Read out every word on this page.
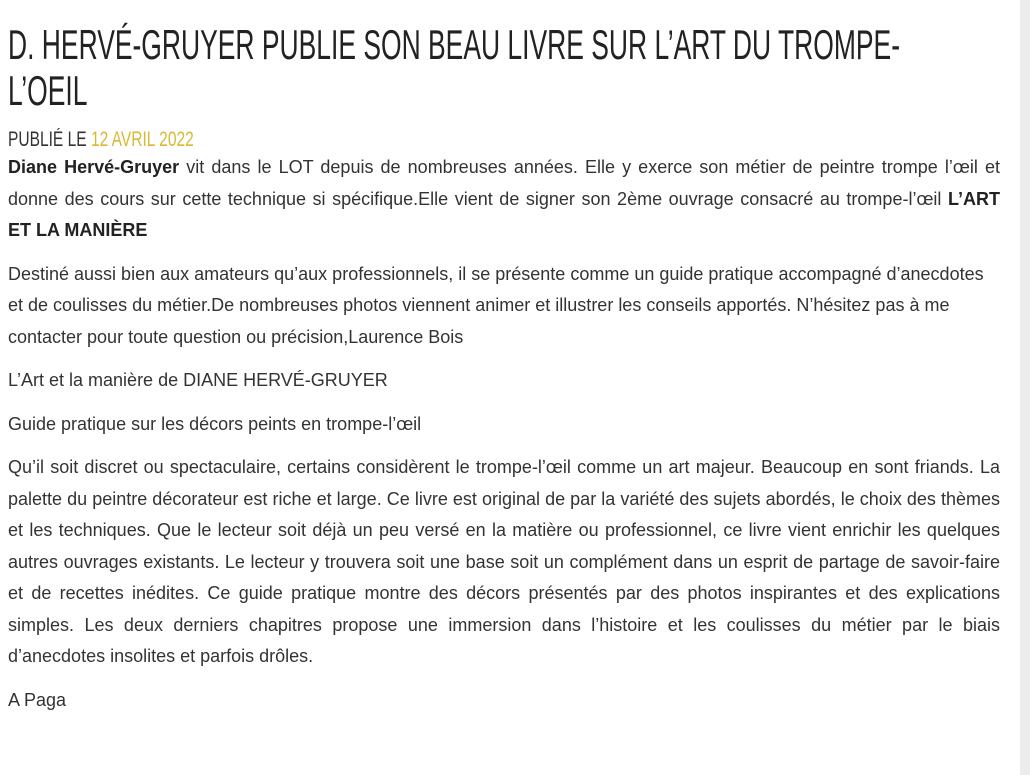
D. HERVÉ-GRUYER PUBLIE SON BEAU LIVRE SUR L’ART DU TROMPE-L’OEIL
PUBLIÉ LE 12 AVRIL 2022

Diane Hervé-Gruyer vit dans le LOT depuis de nombreuses années. Elle y exerce son métier de peintre trompe l’œil et donne des cours sur cette technique si spécifique.Elle vient de signer son 2ème ouvrage consacré au trompe-l’œil L’ART ET LA MANIÈRE

Destiné aussi bien aux amateurs qu’aux professionnels, il se présente comme un guide pratique accompagné d’anecdotes et de coulisses du métier.De nombreuses photos viennent animer et illustrer les conseils apportés. N’hésitez pas à me contacter pour toute question ou précision,Laurence Bois

L’Art et la manière de DIANE HERVÉ-GRUYER

Guide pratique sur les décors peints en trompe-l’œil

Qu’il soit discret ou spectaculaire, certains considèrent le trompe-l’œil comme un art majeur. Beaucoup en sont friands. La palette du peintre décorateur est riche et large. Ce livre est original de par la variété des sujets abordés, le choix des thèmes et les techniques. Que le lecteur soit déjà un peu versé en la matière ou professionnel, ce livre vient enrichir les quelques autres ouvrages existants. Le lecteur y trouvera soit une base soit un complément dans un esprit de partage de savoir-faire et de recettes inédites. Ce guide pratique montre des décors présentés par des photos inspirantes et des explications simples. Les deux derniers chapitres propose une immersion dans l’histoire et les coulisses du métier par le biais d’anecdotes insolites et parfois drôles.

A Paga
